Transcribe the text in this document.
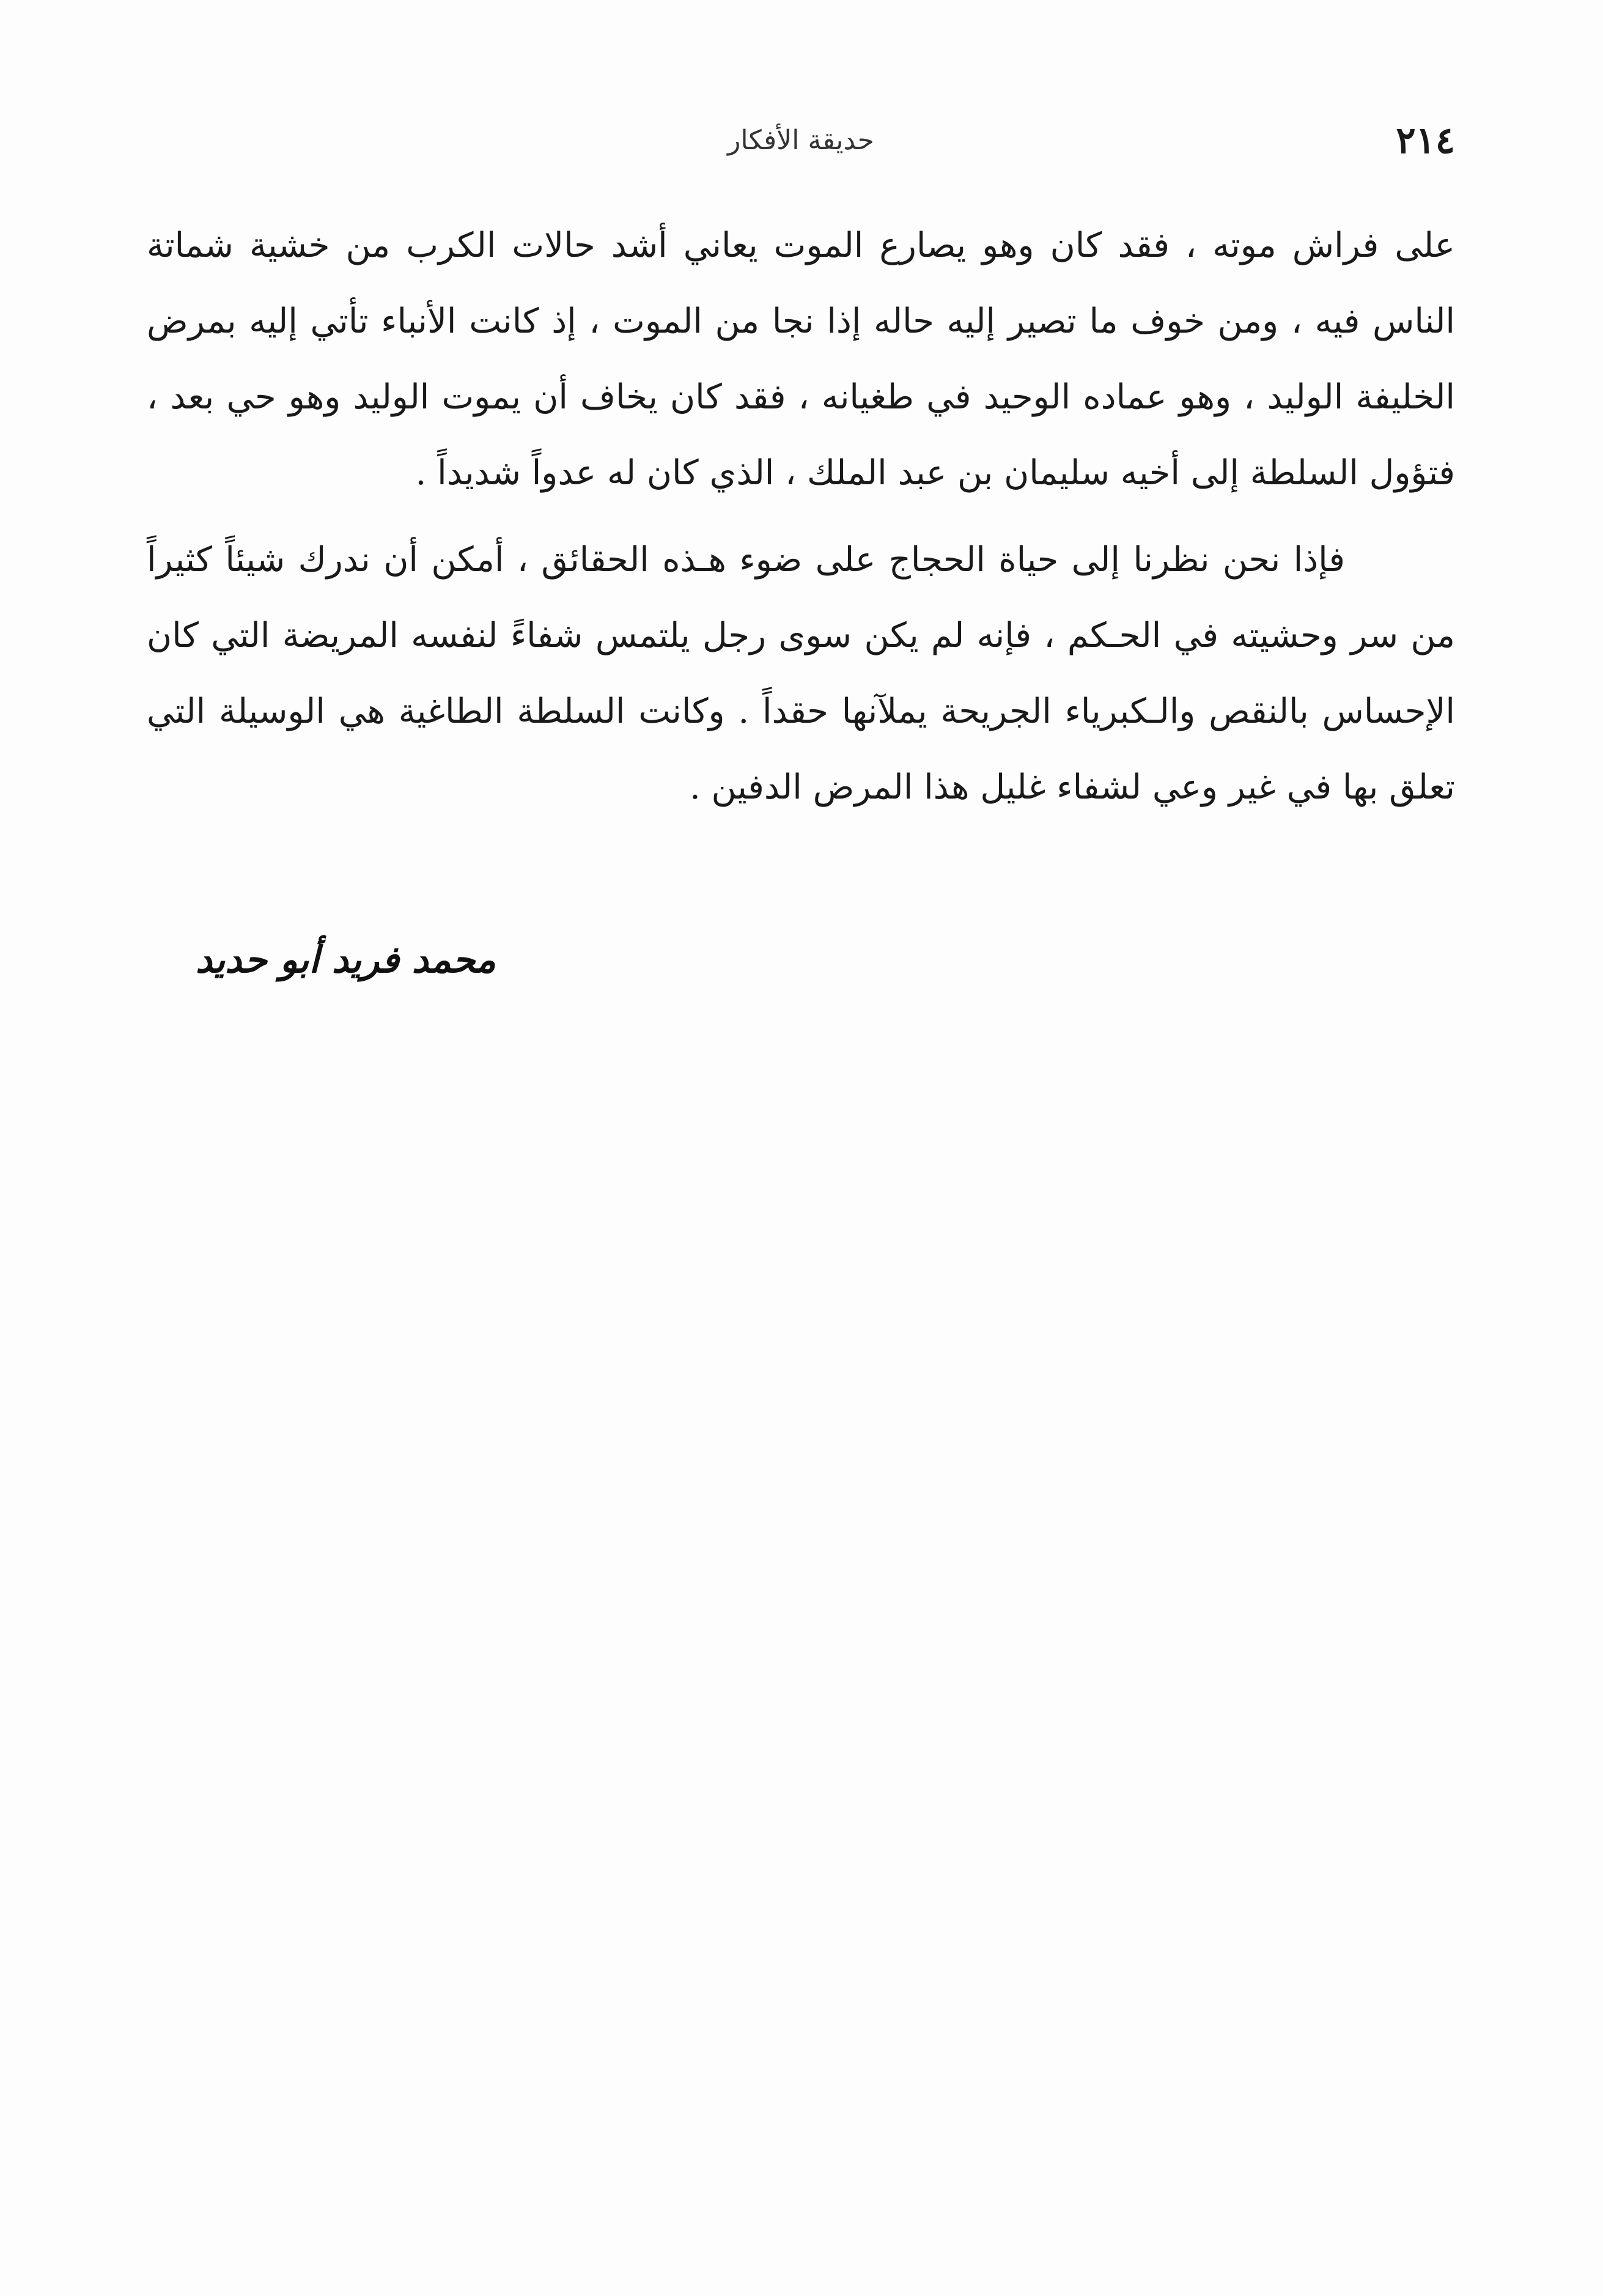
٢١٤
حديقة الأفكار

على فراش موته ، فقد كان وهو يصارع الموت يعاني أشد حالات الكرب من خشية شماتة الناس فيه ، ومن خوف ما تصير إليه حاله إذا نجا من الموت ، إذ كانت الأنباء تأتي إليه بمرض الخليفة الوليد ، وهو عماده الوحيد في طغيانه ، فقد كان يخاف أن يموت الوليد وهو حي بعد ، فتؤول السلطة إلى أخيه سليمان بن عبد الملك ، الذي كان له عدواً شديداً .

فإذا نحن نظرنا إلى حياة الحجاج على ضوء هـذه الحقائق ، أمكن أن ندرك شيئاً كثيراً من سر وحشيته في الحـكم ، فإنه لم يكن سوى رجل يلتمس شفاءً لنفسه المريضة التي كان الإحساس بالنقص والـكبرياء الجريحة يملآنها حقداً . وكانت السلطة الطاغية هي الوسيلة التي تعلق بها في غير وعي لشفاء غليل هذا المرض الدفين .

محمد فريد أبو حديد
